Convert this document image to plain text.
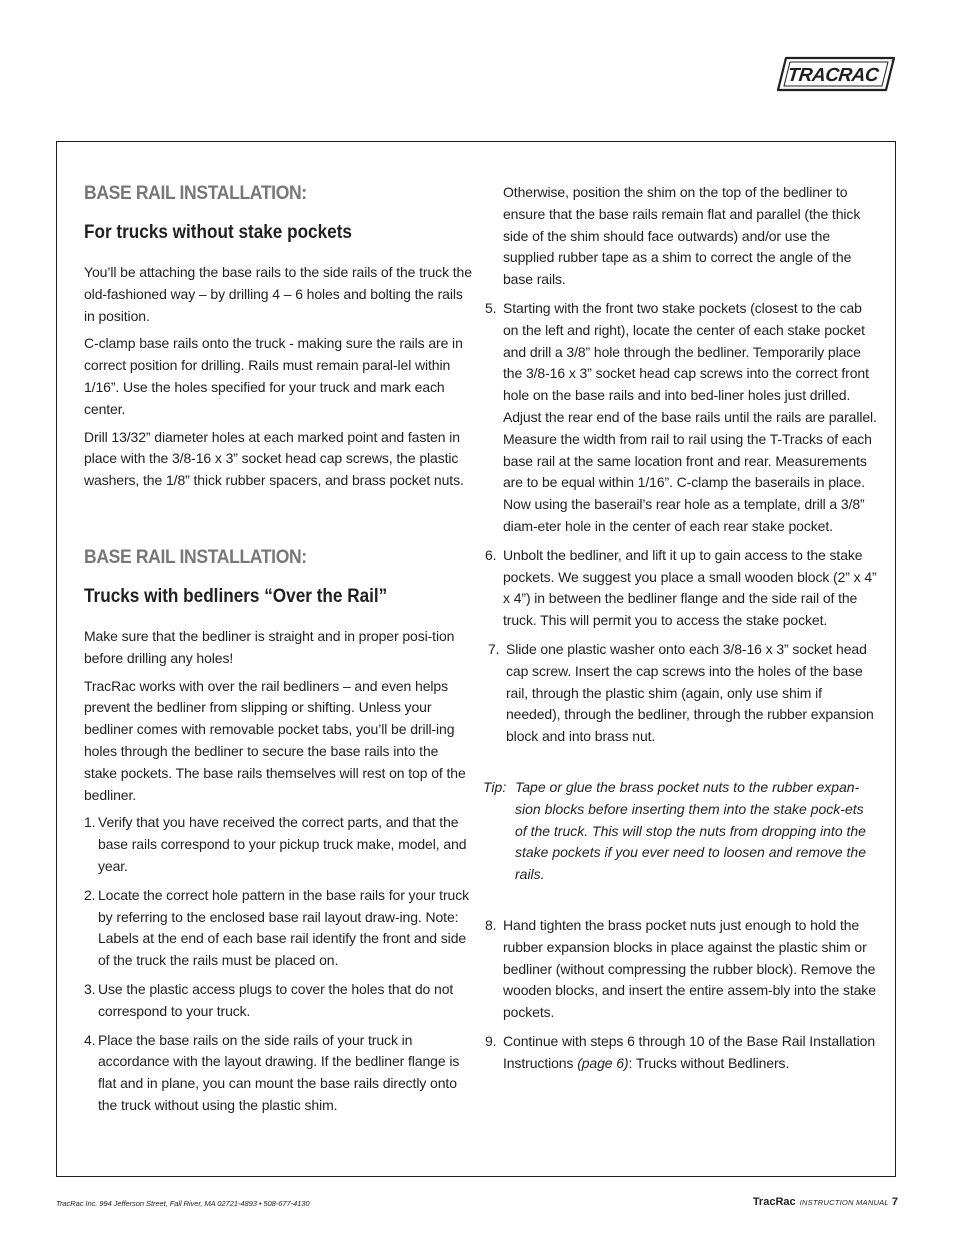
TRACRAC
™
BASE RAIL INSTALLATION:
For trucks without stake pockets

You’ll be attaching the base rails to the side rails of the truck the old-fashioned way – by drilling 4 – 6 holes and bolting the rails in position.

C-clamp base rails onto the truck - making sure the rails are in correct position for drilling. Rails must remain paral-lel within 1/16”. Use the holes specified for your truck and mark each center.

Drill 13/32” diameter holes at each marked point and fasten in place with the 3/8-16 x 3” socket head cap screws, the plastic washers, the 1/8” thick rubber spacers, and brass pocket nuts.

BASE RAIL INSTALLATION:
Trucks with bedliners “Over the Rail”

Make sure that the bedliner is straight and in proper posi-tion before drilling any holes!

TracRac works with over the rail bedliners – and even helps prevent the bedliner from slipping or shifting. Unless your bedliner comes with removable pocket tabs, you’ll be drill-ing holes through the bedliner to secure the base rails into the stake pockets. The base rails themselves will rest on top of the bedliner.

1. Verify that you have received the correct parts, and that the base rails correspond to your pickup truck make, model, and year.
2. Locate the correct hole pattern in the base rails for your truck by referring to the enclosed base rail layout draw-ing. Note: Labels at the end of each base rail identify the front and side of the truck the rails must be placed on.
3. Use the plastic access plugs to cover the holes that do not correspond to your truck.
4. Place the base rails on the side rails of your truck in accordance with the layout drawing. If the bedliner flange is flat and in plane, you can mount the base rails directly onto the truck without using the plastic shim.

Otherwise, position the shim on the top of the bedliner to ensure that the base rails remain flat and parallel (the thick side of the shim should face outwards) and/or use the supplied rubber tape as a shim to correct the angle of the base rails.

5. Starting with the front two stake pockets (closest to the cab on the left and right), locate the center of each stake pocket and drill a 3/8” hole through the bedliner. Temporarily place the 3/8-16 x 3” socket head cap screws into the correct front hole on the base rails and into bed-liner holes just drilled. Adjust the rear end of the base rails until the rails are parallel. Measure the width from rail to rail using the T-Tracks of each base rail at the same location front and rear. Measurements are to be equal within 1/16”. C-clamp the baserails in place. Now using the baserail’s rear hole as a template, drill a 3/8” diam-eter hole in the center of each rear stake pocket.
6. Unbolt the bedliner, and lift it up to gain access to the stake pockets. We suggest you place a small wooden block (2” x 4” x 4”) in between the bedliner flange and the side rail of the truck. This will permit you to access the stake pocket.
7. Slide one plastic washer onto each 3/8-16 x 3” socket head cap screw. Insert the cap screws into the holes of the base rail, through the plastic shim (again, only use shim if needed), through the bedliner, through the rubber expansion block and into brass nut.
Tip: Tape or glue the brass pocket nuts to the rubber expan-sion blocks before inserting them into the stake pock-ets of the truck. This will stop the nuts from dropping into the stake pockets if you ever need to loosen and remove the rails.
8. Hand tighten the brass pocket nuts just enough to hold the rubber expansion blocks in place against the plastic shim or bedliner (without compressing the rubber block). Remove the wooden blocks, and insert the entire assem-bly into the stake pockets.
9. Continue with steps 6 through 10 of the Base Rail Installation Instructions (page 6): Trucks without Bedliners.
TracRac Inc. 994 Jefferson Street, Fall River, MA 02721-4893 • 508-677-4130	TracRac INSTRUCTION MANUAL 7
